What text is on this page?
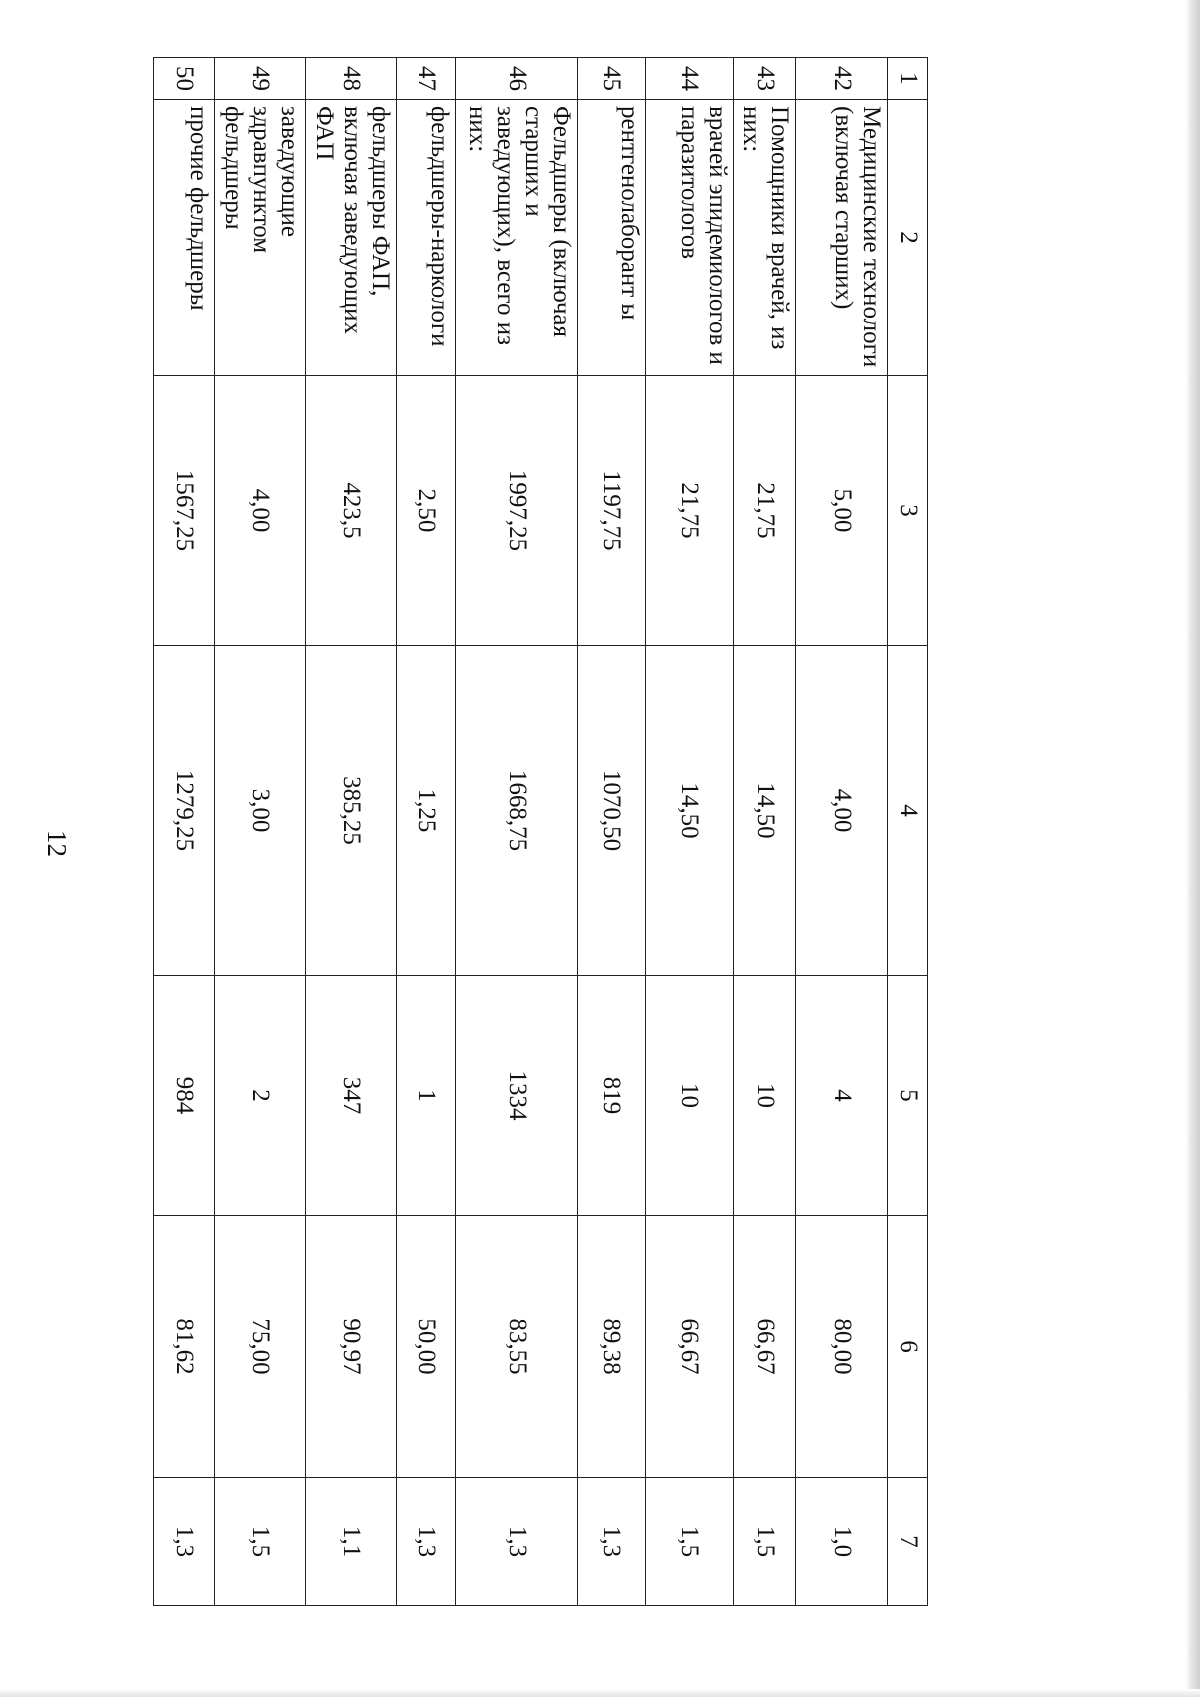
12
1	2	3	4	5	6	7
42	Медицинские технологи (включая старших)	5,00	4,00	4	80,00	1,0
43	Помощники врачей, из них:	21,75	14,50	10	66,67	1,5
44	врачей эпидемиологов и паразитологов	21,75	14,50	10	66,67	1,5
45	рентгенолаборант ы	1197,75	1070,50	819	89,38	1,3
46	Фельдшеры (включая старших и заведующих), всего из них:	1997,25	1668,75	1334	83,55	1,3
47	фельдшеры-наркологи	2,50	1,25	1	50,00	1,3
48	фельдшеры ФАП, включая заведующих ФАП	423,5	385,25	347	90,97	1,1
49	заведующие здравпунктом фельдшеры	4,00	3,00	2	75,00	1,5
50	прочие фельдшеры	1567,25	1279,25	984	81,62	1,3
